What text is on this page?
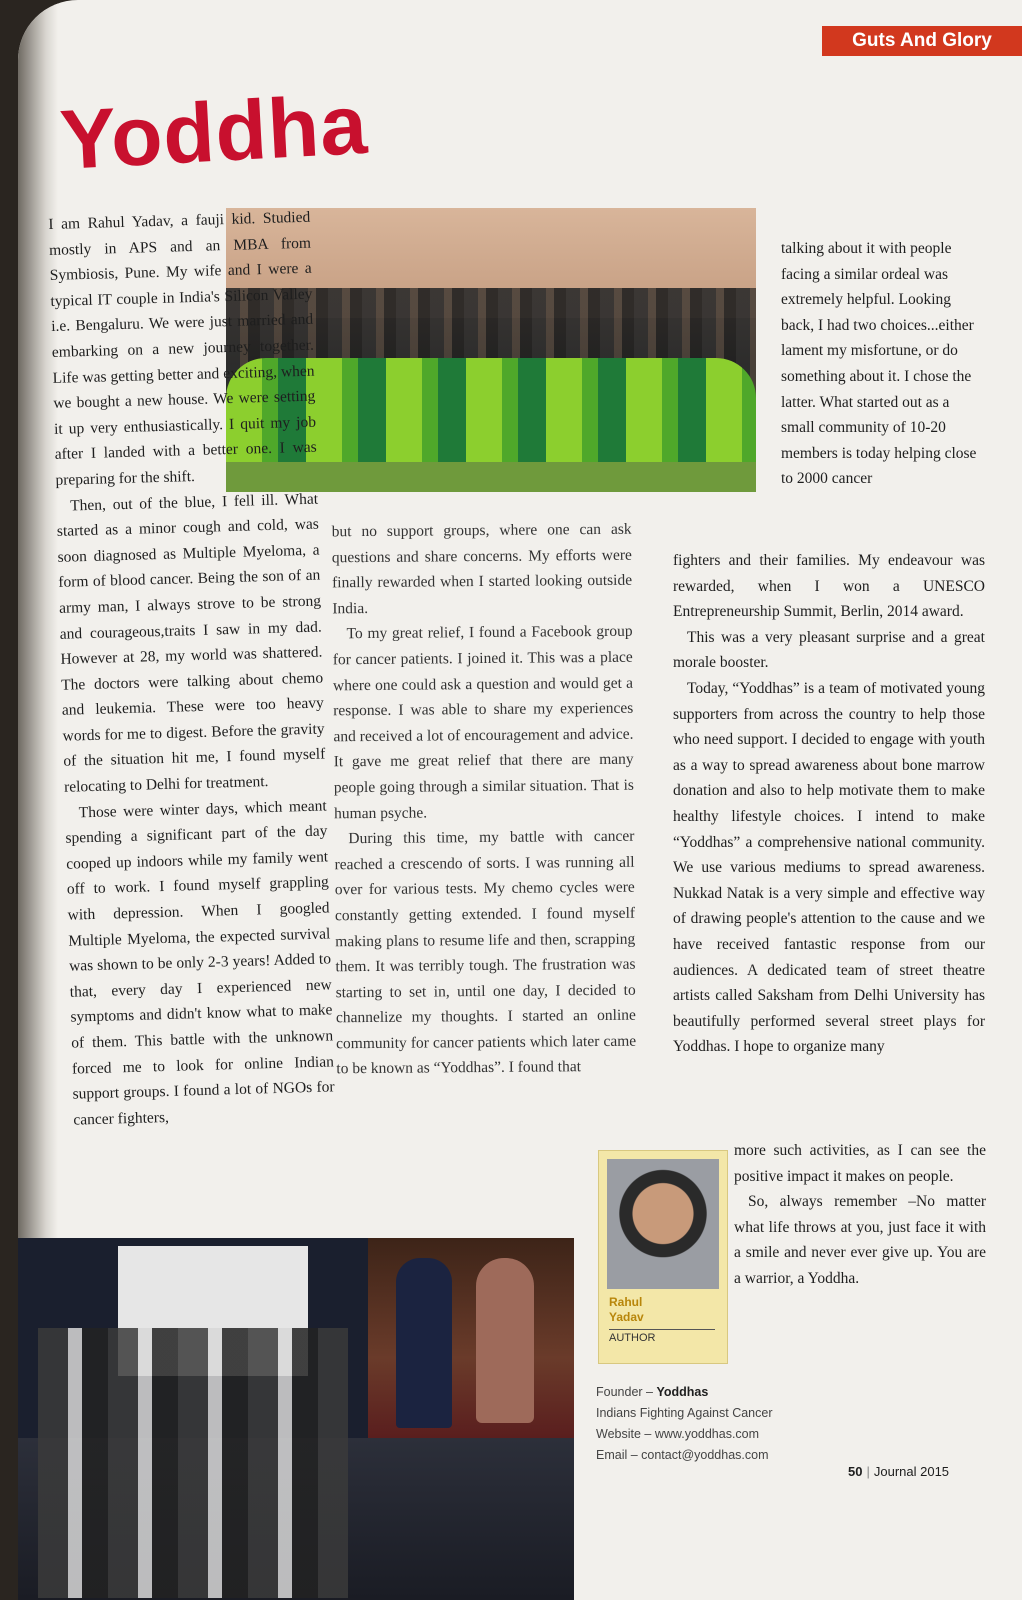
Guts And Glory
Yoddha

I am Rahul Yadav, a fauji kid. Studied mostly in APS and an MBA from Symbiosis, Pune. My wife and I were a typical IT couple in India's Silicon Valley i.e. Bengaluru. We were just married and embarking on a new journey together. Life was getting better and exciting, when we bought a new house. We were setting it up very enthusiastically. I quit my job after I landed with a better one. I was preparing for the shift.

Then, out of the blue, I fell ill. What started as a minor cough and cold, was soon diagnosed as Multiple Myeloma, a form of blood cancer. Being the son of an army man, I always strove to be strong and courageous,traits I saw in my dad. However at 28, my world was shattered. The doctors were talking about chemo and leukemia. These were too heavy words for me to digest. Before the gravity of the situation hit me, I found myself relocating to Delhi for treatment.

Those were winter days, which meant spending a significant part of the day cooped up indoors while my family went off to work. I found myself grappling with depression. When I googled Multiple Myeloma, the expected survival was shown to be only 2-3 years! Added to that, every day I experienced new symptoms and didn't know what to make of them. This battle with the unknown forced me to look for online Indian support groups. I found a lot of NGOs for cancer fighters,

but no support groups, where one can ask questions and share concerns. My efforts were finally rewarded when I started looking outside India.

To my great relief, I found a Facebook group for cancer patients. I joined it. This was a place where one could ask a question and would get a response. I was able to share my experiences and received a lot of encouragement and advice. It gave me great relief that there are many people going through a similar situation. That is human psyche.

During this time, my battle with cancer reached a crescendo of sorts. I was running all over for various tests. My chemo cycles were constantly getting extended. I found myself making plans to resume life and then, scrapping them. It was terribly tough. The frustration was starting to set in, until one day, I decided to channelize my thoughts. I started an online community for cancer patients which later came to be known as “Yoddhas”. I found that

talking about it with people facing a similar ordeal was extremely helpful. Looking back, I had two choices...either lament my misfortune, or do something about it. I chose the latter. What started out as a small community of 10-20 members is today helping close to 2000 cancer

fighters and their families. My endeavour was rewarded, when I won a UNESCO Entrepreneurship Summit, Berlin, 2014 award.

This was a very pleasant surprise and a great morale booster.

Today, “Yoddhas” is a team of motivated young supporters from across the country to help those who need support. I decided to engage with youth as a way to spread awareness about bone marrow donation and also to help motivate them to make healthy lifestyle choices. I intend to make “Yoddhas” a comprehensive national community. We use various mediums to spread awareness. Nukkad Natak is a very simple and effective way of drawing people's attention to the cause and we have received fantastic response from our audiences. A dedicated team of street theatre artists called Saksham from Delhi University has beautifully performed several street plays for Yoddhas. I hope to organize many

more such activities, as I can see the positive impact it makes on people.

So, always remember –No matter what life throws at you, just face it with a smile and never ever give up. You are a warrior, a Yoddha.

Rahul
Yadav
AUTHOR
Founder – Yoddhas
Indians Fighting Against Cancer
Website – www.yoddhas.com
Email – contact@yoddhas.com
50 | Journal 2015
